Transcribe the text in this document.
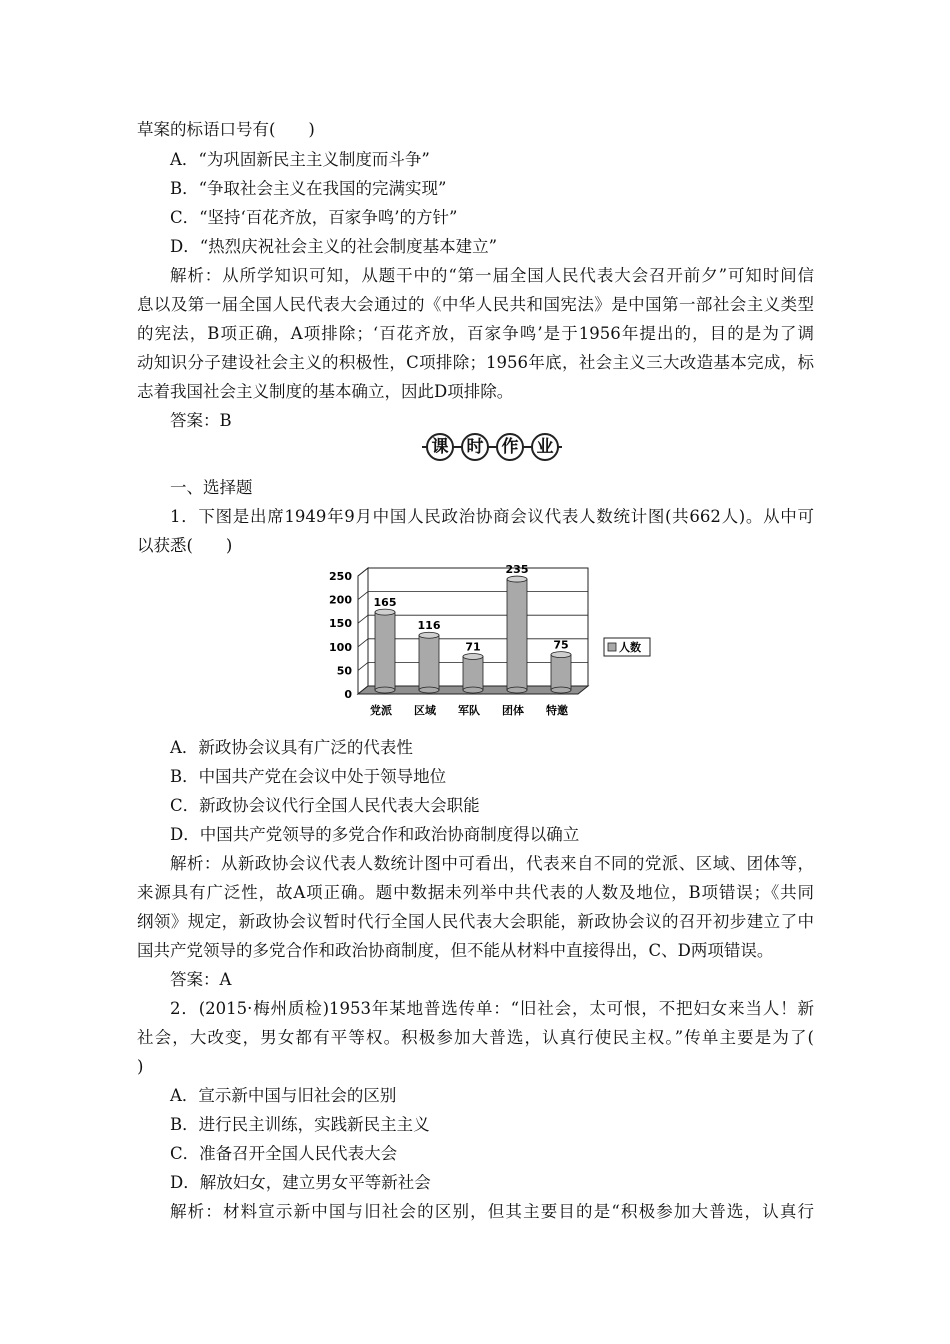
草案的标语口号有(　　)
A．“为巩固新民主主义制度而斗争”
B．“争取社会主义在我国的完满实现”
C．“坚持‘百花齐放，百家争鸣’的方针”
D．“热烈庆祝社会主义的社会制度基本建立”
解析：从所学知识可知，从题干中的“第一届全国人民代表大会召开前夕”可知时间信
息以及第一届全国人民代表大会通过的《中华人民共和国宪法》是中国第一部社会主义类型
的宪法，B项正确，A项排除；‘百花齐放，百家争鸣’是于1956年提出的，目的是为了调
动知识分子建设社会主义的积极性，C项排除；1956年底，社会主义三大改造基本完成，标
志着我国社会主义制度的基本确立，因此D项排除。
答案：B
课	时	作	业
一、选择题
1．下图是出席1949年9月中国人民政治协商会议代表人数统计图(共662人)。从中可
以获悉(　　)
0
50
100
150
200
250
165
116
71
235
75
党派 区域 军队 团体 特邀
人数
A．新政协会议具有广泛的代表性
B．中国共产党在会议中处于领导地位
C．新政协会议代行全国人民代表大会职能
D．中国共产党领导的多党合作和政治协商制度得以确立
解析：从新政协会议代表人数统计图中可看出，代表来自不同的党派、区域、团体等，
来源具有广泛性，故A项正确。题中数据未列举中共代表的人数及地位，B项错误；《共同
纲领》规定，新政协会议暂时代行全国人民代表大会职能，新政协会议的召开初步建立了中
国共产党领导的多党合作和政治协商制度，但不能从材料中直接得出，C、D两项错误。
答案：A
2．(2015·梅州质检)1953年某地普选传单：“旧社会，太可恨，不把妇女来当人！新
社会，大改变，男女都有平等权。积极参加大普选，认真行使民主权。”传单主要是为了(
)
A．宣示新中国与旧社会的区别
B．进行民主训练，实践新民主主义
C．准备召开全国人民代表大会
D．解放妇女，建立男女平等新社会
解析：材料宣示新中国与旧社会的区别，但其主要目的是“积极参加大普选，认真行
